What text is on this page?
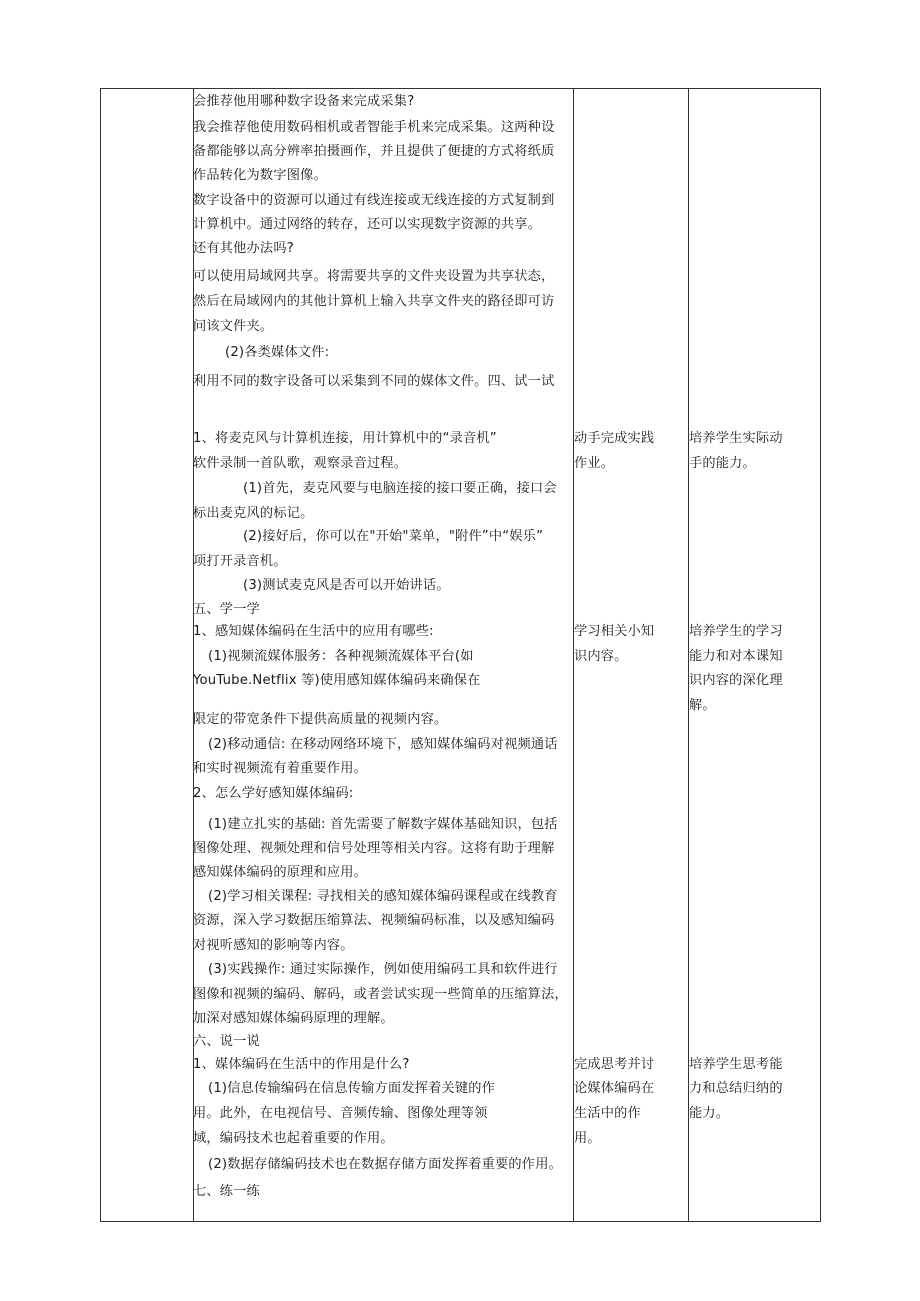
会推荐他用哪种数字设备来完成采集?
我会推荐他使用数码相机或者智能手机来完成采集。这两种设
备都能够以高分辨率拍摄画作，并且提供了便捷的方式将纸质
作品转化为数字图像。
数字设备中的资源可以通过有线连接或无线连接的方式复制到
计算机中。通过网络的转存，还可以实现数字资源的共享。
还有其他办法吗?
可以使用局域网共享。将需要共享的文件夹设置为共享状态，
然后在局域网内的其他计算机上输入共享文件夹的路径即可访
问该文件夹。
(2)各类媒体文件:
利用不同的数字设备可以采集到不同的媒体文件。四、试一试
1、将麦克风与计算机连接，用计算机中的“录音机”
软件录制一首队歌，观察录音过程。
(1)首先，麦克风要与电脑连接的接口要正确，接口会
标出麦克风的标记。
(2)接好后，你可以在"开始"菜单，"附件”中“娱乐”
项打开录音机。
(3)测试麦克风是否可以开始讲话。
五、学一学
1、感知媒体编码在生活中的应用有哪些:
(1)视频流媒体服务：各种视频流媒体平台(如
YouTube.Netflix 等)使用感知媒体编码来确保在
限定的带宽条件下提供高质量的视频内容。
(2)移动通信: 在移动网络环境下，感知媒体编码对视频通话
和实时视频流有着重要作用。
2、怎么学好感知媒体编码:
(1)建立扎实的基础: 首先需要了解数字媒体基础知识，包括
图像处理、视频处理和信号处理等相关内容。这将有助于理解
感知媒体编码的原理和应用。
(2)学习相关课程: 寻找相关的感知媒体编码课程或在线教育
资源，深入学习数据压缩算法、视频编码标准，以及感知编码
对视听感知的影响等内容。
(3)实践操作: 通过实际操作，例如使用编码工具和软件进行
图像和视频的编码、解码，或者尝试实现一些简单的压缩算法，
加深对感知媒体编码原理的理解。
六、说一说
1、媒体编码在生活中的作用是什么?
(1)信息传输编码在信息传输方面发挥着关键的作
用。此外，在电视信号、音频传输、图像处理等领
域，编码技术也起着重要的作用。
(2)数据存储编码技术也在数据存储方面发挥着重要的作用。
七、练一练
动手完成实践
作业。
学习相关小知
识内容。
完成思考并讨
论媒体编码在
生活中的作
用。
培养学生实际动
手的能力。
培养学生的学习
能力和对本课知
识内容的深化理
解。
培养学生思考能
力和总结归纳的
能力。
